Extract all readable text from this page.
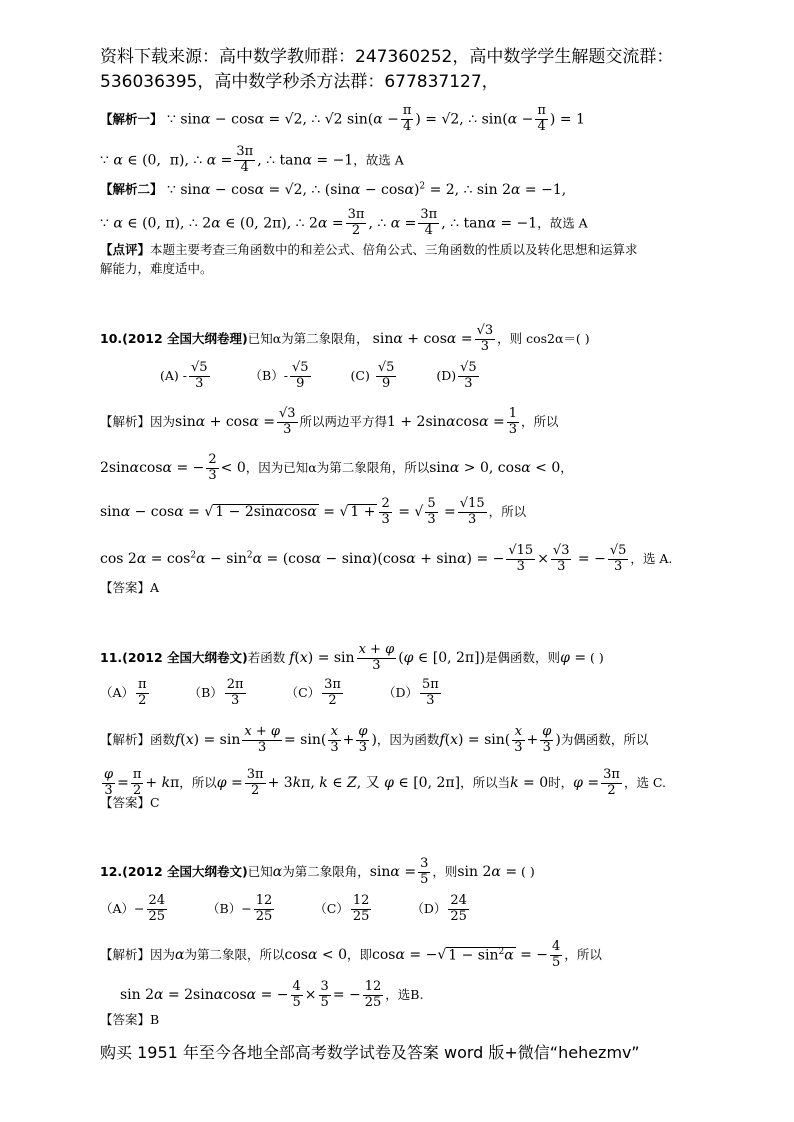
资料下载来源：高中数学教师群：247360252，高中数学学生解题交流群：
536036395，高中数学秒杀方法群：677837127，
【解析一】 ∵ sinα − cosα = √2, ∴ √2 $\sin(\alpha - \frac{\pi}{4}$ ) = √2, ∴ $\sin(\alpha - \frac{\pi}{4}$ ) = 1
∵ α ∈ (0,  π), ∴ $\alpha = \frac{3\pi}{4}$ , ∴ tanα = −1，故选 A
【解析二】 ∵ sinα − cosα = √2, ∴ $(\sin\alpha - \cos\alpha)^2 = 2$, ∴ sin 2α = −1,
∵ α ∈ (0, π), ∴ 2α ∈ (0, 2π), ∴ $2\alpha = \frac{3\pi}{2}$ , ∴ $\alpha = \frac{3\pi}{4}$ , ∴ tanα = −1，故选 A
【点评】本题主要考查三角函数中的和差公式、倍角公式、三角函数的性质以及转化思想和运算求
解能力，难度适中。
10.(2012 全国大纲卷理)已知α为第二象限角， $\sin\alpha + \cos\alpha = \frac{√3}{3}$ ，则 cos2α＝( )
$(A) - \frac{√5}{3}$	$(B)- \frac{√5}{9}$	$(C) \frac{√5}{9}$	$(D) \frac{√5}{3}$
【解析】因为$\sin\alpha + \cos\alpha = \frac{√3}{3}$ 所以两边平方得$1 + 2\sin\alpha\cos\alpha = \frac{1}{3}$ ，所以
2sinαcosα = − $\frac{2}{3} < 0$，因为已知α为第二象限角，所以sinα > 0, cosα < 0，
sinα − cosα = √ 1 − 2sinαcosα = √ $1 + \frac{2}{3}$ = √ $\frac{5}{3} = \frac{√15}{3}$ ，所以
$\cos 2\alpha = \cos^2\alpha - \sin^2\alpha = (\cos\alpha - \sin\alpha)(\cos\alpha + \sin\alpha)$ = − $\frac{√15}{3} \times \frac{√3}{3}$ = − $\frac{√5}{3}$ ，选 A.
【答案】A
11.(2012 全国大纲卷文)若函数 $f(x) = \sin \frac{x + \varphi}{3} (\varphi$ ∈ [0, 2π])是偶函数，则φ = ( )
$(A) \frac{\pi}{2}$	$(B) \frac{2\pi}{3}$	$(C) \frac{3\pi}{2}$	$(D) \frac{5\pi}{3}$
【解析】函数$f(x) = \sin \frac{x + \varphi}{3} = \sin( \frac{x}{3} + \frac{\varphi}{3}$ )，因为函数$f(x) = \sin( \frac{x}{3} + \frac{\varphi}{3}$ )为偶函数，所以
$\frac{\varphi}{3} = \frac{\pi}{2} + k\pi$，所以$\varphi = \frac{3\pi}{2} + 3k\pi$, k ∈ Z, 又 φ ∈ [0, 2π]，所以当k = 0时，$\varphi = \frac{3\pi}{2}$ ，选 C.
【答案】C
12.(2012 全国大纲卷文)已知α为第二象限角，$\sin\alpha = \frac{3}{5}$ ，则sin 2α = ( )
$(A)- \frac{24}{25}$	$(B)- \frac{12}{25}$	$(C) \frac{12}{25}$	$(D) \frac{24}{25}$
【解析】因为α为第二象限，所以cosα < 0，即cosα = −√ $1 - \sin^2\alpha$ = − $\frac{4}{5}$ ，所以
sin 2α = 2sinαcosα = − $\frac{4}{5} \times \frac{3}{5}$ = − $\frac{12}{25}$ ，选B.
【答案】B
购买 1951 年至今各地全部高考数学试卷及答案 word 版+微信“hehezmv”
